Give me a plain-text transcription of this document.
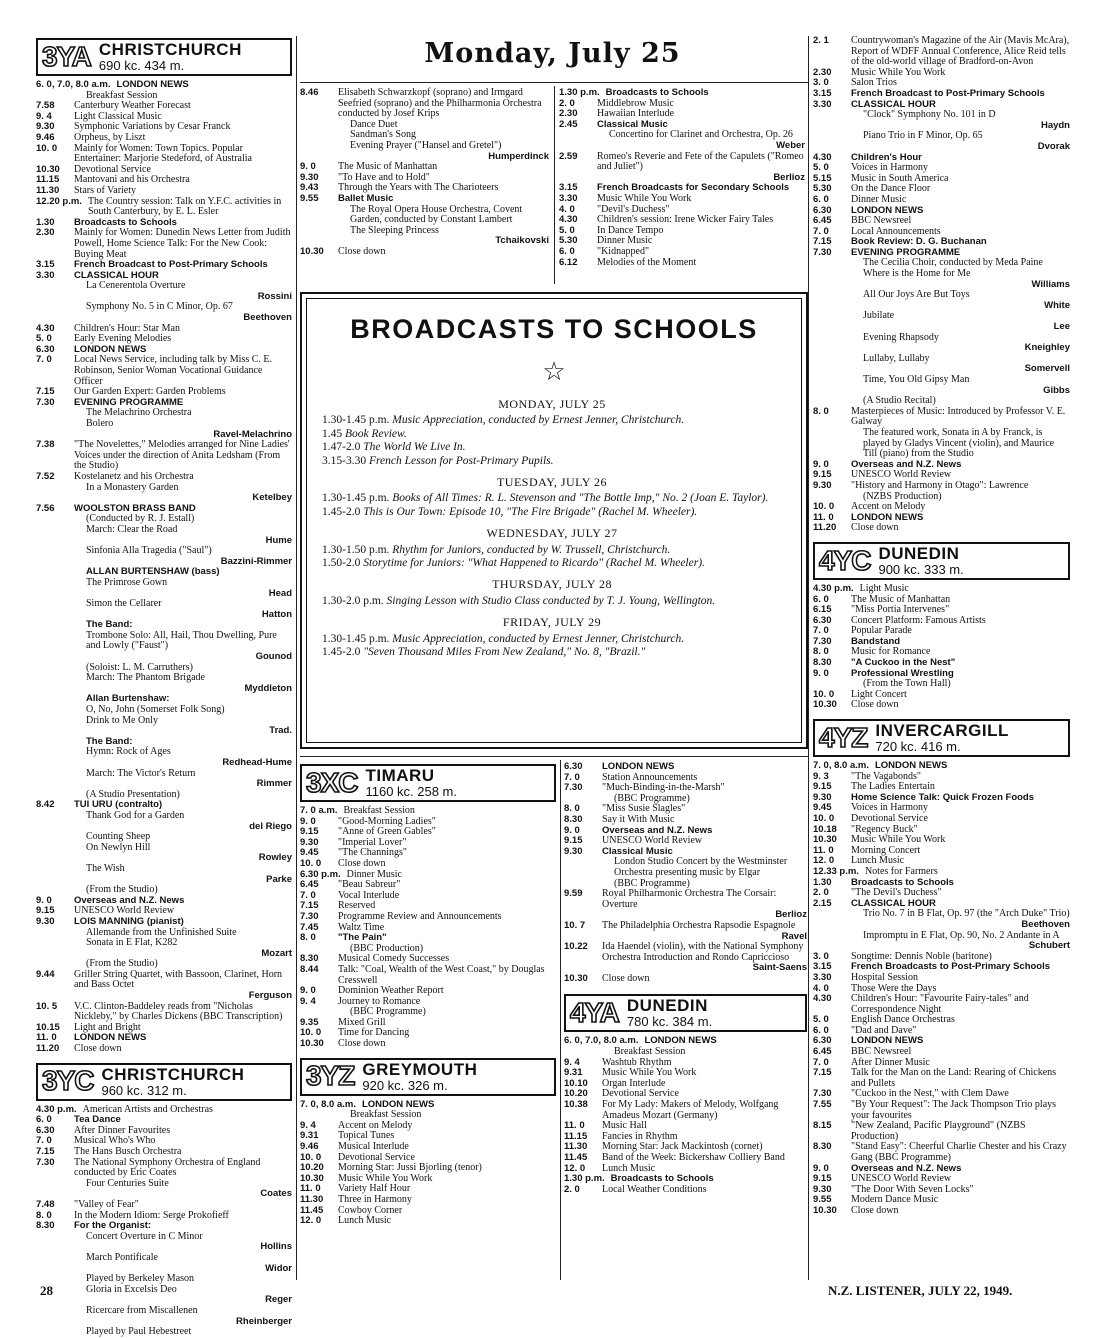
3YA CHRISTCHURCH
690 kc. 434 m.
6. 0, 7.0, 8.0 a.m. LONDON NEWS
Breakfast Session
7.58	Canterbury Weather Forecast
9. 4	Light Classical Music
9.30	Symphonic Variations by Cesar Franck
9.46	Orpheus, by Liszt
10. 0	Mainly for Women: Town Topics. Popular Entertainer: Marjorie Stedeford, of Australia
10.30	Devotional Service
11.15	Mantovani and his Orchestra
11.30	Stars of Variety
12.20 p.m. The Country session: Talk on Y.F.C. activities in South Canterbury, by E. L. Esler
1.30	Broadcasts to Schools
2.30	Mainly for Women: Dunedin News Letter from Judith Powell, Home Science Talk: For the New Cook: Buying Meat
3.15	French Broadcast to Post-Primary Schools
3.30	CLASSICAL HOUR
La Cenerentola Overture
Rossini
Symphony No. 5 in C Minor, Op. 67
Beethoven
4.30	Children's Hour: Star Man
5. 0	Early Evening Melodies
6.30	LONDON NEWS
7. 0	Local News Service, including talk by Miss C. E. Robinson, Senior Woman Vocational Guidance Officer
7.15	Our Garden Expert: Garden Problems
7.30	EVENING PROGRAMME
The Melachrino Orchestra
Bolero
Ravel-Melachrino
7.38	"The Novelettes," Melodies arranged for Nine Ladies' Voices under the direction of Anita Ledsham (From the Studio)
7.52	Kostelanetz and his Orchestra
In a Monastery Garden
Ketelbey
7.56	WOOLSTON BRASS BAND
(Conducted by R. J. Estall)
March: Clear the Road
Hume
Sinfonia Alla Tragedia ("Saul")
Bazzini-Rimmer
ALLAN BURTENSHAW (bass)
The Primrose Gown
Head
Simon the Cellarer
Hatton
The Band:
Trombone Solo: All, Hail, Thou Dwelling, Pure and Lowly ("Faust")
Gounod
(Soloist: L. M. Carruthers)
March: The Phantom Brigade
Myddleton
Allan Burtenshaw:
O, No, John (Somerset Folk Song)
Drink to Me Only
Trad.
The Band:
Hymn: Rock of Ages
Redhead-Hume
March: The Victor's Return
Rimmer
(A Studio Presentation)
8.42	TUI URU (contralto)
Thank God for a Garden
del Riego
Counting Sheep
On Newlyn Hill
Rowley
The Wish
Parke
(From the Studio)
9. 0	Overseas and N.Z. News
9.15	UNESCO World Review
9.30	LOIS MANNING (pianist)
Allemande from the Unfinished Suite
Sonata in E Flat, K282
Mozart
(From the Studio)
9.44	Griller String Quartet, with Bassoon, Clarinet, Horn and Bass Octet
Ferguson
10. 5	V.C. Clinton-Baddeley reads from "Nicholas Nickleby," by Charles Dickens (BBC Transcription)
10.15	Light and Bright
11. 0	LONDON NEWS
11.20	Close down
3YC CHRISTCHURCH
960 kc. 312 m.
4.30 p.m. American Artists and Orchestras
6. 0	Tea Dance
6.30	After Dinner Favourites
7. 0	Musical Who's Who
7.15	The Hans Busch Orchestra
7.30	The National Symphony Orchestra of England conducted by Eric Coates
Four Centuries Suite
Coates
7.48	"Valley of Fear"
8. 0	In the Modern Idiom: Serge Prokofieff
8.30	For the Organist:
Concert Overture in C Minor
Hollins
March Pontificale
Widor
Played by Berkeley Mason
Gloria in Excelsis Deo
Reger
Ricercare from Miscallenen
Rheinberger
Played by Paul Hebestreet
Monday, July 25
8.46	Elisabeth Schwarzkopf (soprano) and Irmgard Seefried (soprano) and the Philharmonia Orchestra conducted by Josef Krips
Dance Duet
Sandman's Song
Evening Prayer ("Hansel and Gretel")
Humperdinck
9. 0	The Music of Manhattan
9.30	"To Have and to Hold"
9.43	Through the Years with The Charioteers
9.55	Ballet Music
The Royal Opera House Orchestra, Covent Garden, conducted by Constant Lambert
The Sleeping Princess
Tchaikovski
10.30	Close down
1.30 p.m. Broadcasts to Schools
2. 0	Middlebrow Music
2.30	Hawaiian Interlude
2.45	Classical Music
Concertino for Clarinet and Orchestra, Op. 26
Weber
2.59	Romeo's Reverie and Fete of the Capulets ("Romeo and Juliet")
Berlioz
3.15	French Broadcasts for Secondary Schools
3.30	Music While You Work
4. 0	"Devil's Duchess"
4.30	Children's session: Irene Wicker Fairy Tales
5. 0	In Dance Tempo
5.30	Dinner Music
6. 0	"Kidnapped"
6.12	Melodies of the Moment
BROADCASTS TO SCHOOLS
☆
MONDAY, JULY 25
1.30-1.45 p.m. Music Appreciation, conducted by Ernest Jenner, Christchurch.
1.45 Book Review.
1.47-2.0 The World We Live In.
3.15-3.30 French Lesson for Post-Primary Pupils.
TUESDAY, JULY 26
1.30-1.45 p.m. Books of All Times: R. L. Stevenson and "The Bottle Imp," No. 2 (Joan E. Taylor).
1.45-2.0 This is Our Town: Episode 10, "The Fire Brigade" (Rachel M. Wheeler).
WEDNESDAY, JULY 27
1.30-1.50 p.m. Rhythm for Juniors, conducted by W. Trussell, Christchurch.
1.50-2.0 Storytime for Juniors: "What Happened to Ricardo" (Rachel M. Wheeler).
THURSDAY, JULY 28
1.30-2.0 p.m. Singing Lesson with Studio Class conducted by T. J. Young, Wellington.
FRIDAY, JULY 29
1.30-1.45 p.m. Music Appreciation, conducted by Ernest Jenner, Christchurch.
1.45-2.0 "Seven Thousand Miles From New Zealand," No. 8, "Brazil."
3XC TIMARU
1160 kc. 258 m.
7. 0 a.m. Breakfast Session
9. 0	"Good-Morning Ladies"
9.15	"Anne of Green Gables"
9.30	"Imperial Lover"
9.45	"The Channings"
10. 0	Close down
6.30 p.m. Dinner Music
6.45	"Beau Sabreur"
7. 0	Vocal Interlude
7.15	Reserved
7.30	Programme Review and Announcements
7.45	Waltz Time
8. 0	"The Pain"
(BBC Production)
8.30	Musical Comedy Successes
8.44	Talk: "Coal, Wealth of the West Coast," by Douglas Cresswell
9. 0	Dominion Weather Report
9. 4	Journey to Romance
(BBC Programme)
9.35	Mixed Grill
10. 0	Time for Dancing
10.30	Close down
3YZ GREYMOUTH
920 kc. 326 m.
7. 0, 8.0 a.m. LONDON NEWS
Breakfast Session
9. 4	Accent on Melody
9.31	Topical Tunes
9.46	Musical Interlude
10. 0	Devotional Service
10.20	Morning Star: Jussi Bjorling (tenor)
10.30	Music While You Work
11. 0	Variety Half Hour
11.30	Three in Harmony
11.45	Cowboy Corner
12. 0	Lunch Music
6.30	LONDON NEWS
7. 0	Station Announcements
7.30	"Much-Binding-in-the-Marsh"
(BBC Programme)
8. 0	"Miss Susie Slagles"
8.30	Say it With Music
9. 0	Overseas and N.Z. News
9.15	UNESCO World Review
9.30	Classical Music
London Studio Concert by the Westminster Orchestra presenting music by Elgar
(BBC Programme)
9.59	Royal Philharmonic Orchestra The Corsair: Overture
Berlioz
10. 7	The Philadelphia Orchestra Rapsodie Espagnole
Ravel
10.22	Ida Haendel (violin), with the National Symphony Orchestra Introduction and Rondo Capriccioso
Saint-Saens
10.30	Close down
4YA DUNEDIN
780 kc. 384 m.
6. 0, 7.0, 8.0 a.m. LONDON NEWS
Breakfast Session
9. 4	Washtub Rhythm
9.31	Music While You Work
10.10	Organ Interlude
10.20	Devotional Service
10.38	For My Lady: Makers of Melody, Wolfgang Amadeus Mozart (Germany)
11. 0	Music Hall
11.15	Fancies in Rhythm
11.30	Morning Star: Jack Mackintosh (cornet)
11.45	Band of the Week: Bickershaw Colliery Band
12. 0	Lunch Music
1.30 p.m. Broadcasts to Schools
2. 0	Local Weather Conditions
2. 1	Countrywoman's Magazine of the Air (Mavis McAra), Report of WDFF Annual Conference, Alice Reid tells of the old-world village of Bradford-on-Avon
2.30	Music While You Work
3. 0	Salon Trios
3.15	French Broadcast to Post-Primary Schools
3.30	CLASSICAL HOUR
"Clock" Symphony No. 101 in D
Haydn
Piano Trio in F Minor, Op. 65
Dvorak
4.30	Children's Hour
5. 0	Voices in Harmony
5.15	Music in South America
5.30	On the Dance Floor
6. 0	Dinner Music
6.30	LONDON NEWS
6.45	BBC Newsreel
7. 0	Local Announcements
7.15	Book Review: D. G. Buchanan
7.30	EVENING PROGRAMME
The Cecilia Choir, conducted by Meda Paine
Where is the Home for Me
Williams
All Our Joys Are But Toys
White
Jubilate
Lee
Evening Rhapsody
Kneighley
Lullaby, Lullaby
Somervell
Time, You Old Gipsy Man
Gibbs
(A Studio Recital)
8. 0	Masterpieces of Music: Introduced by Professor V. E. Galway
The featured work, Sonata in A by Franck, is played by Gladys Vincent (violin), and Maurice Till (piano) from the Studio
9. 0	Overseas and N.Z. News
9.15	UNESCO World Review
9.30	"History and Harmony in Otago": Lawrence
(NZBS Production)
10. 0	Accent on Melody
11. 0	LONDON NEWS
11.20	Close down
4YC DUNEDIN
900 kc. 333 m.
4.30 p.m. Light Music
6. 0	The Music of Manhattan
6.15	"Miss Portia Intervenes"
6.30	Concert Platform: Famous Artists
7. 0	Popular Parade
7.30	Bandstand
8. 0	Music for Romance
8.30	"A Cuckoo in the Nest"
9. 0	Professional Wrestling
(From the Town Hall)
10. 0	Light Concert
10.30	Close down
4YZ INVERCARGILL
720 kc. 416 m.
7. 0, 8.0 a.m. LONDON NEWS
9. 3	"The Vagabonds"
9.15	The Ladies Entertain
9.30	Home Science Talk: Quick Frozen Foods
9.45	Voices in Harmony
10. 0	Devotional Service
10.18	"Regency Buck"
10.30	Music While You Work
11. 0	Morning Concert
12. 0	Lunch Music
12.33 p.m. Notes for Farmers
1.30	Broadcasts to Schools
2. 0	"The Devil's Duchess"
2.15	CLASSICAL HOUR
Trio No. 7 in B Flat, Op. 97 (the "Arch Duke" Trio)
Beethoven
Impromptu in E Flat, Op. 90, No. 2 Andante in A
Schubert
3. 0	Songtime: Dennis Noble (baritone)
3.15	French Broadcasts to Post-Primary Schools
3.30	Hospital Session
4. 0	Those Were the Days
4.30	Children's Hour: "Favourite Fairy-tales" and Correspondence Night
5. 0	English Dance Orchestras
6. 0	"Dad and Dave"
6.30	LONDON NEWS
6.45	BBC Newsreel
7. 0	After Dinner Music
7.15	Talk for the Man on the Land: Rearing of Chickens and Pullets
7.30	"Cuckoo in the Nest," with Clem Dawe
7.55	"By Your Request": The Jack Thompson Trio plays your favourites
8.15	"New Zealand, Pacific Playground" (NZBS Production)
8.30	"Stand Easy": Cheerful Charlie Chester and his Crazy Gang (BBC Programme)
9. 0	Overseas and N.Z. News
9.15	UNESCO World Review
9.30	"The Door With Seven Locks"
9.55	Modern Dance Music
10.30	Close down
28	N.Z. LISTENER, JULY 22, 1949.
